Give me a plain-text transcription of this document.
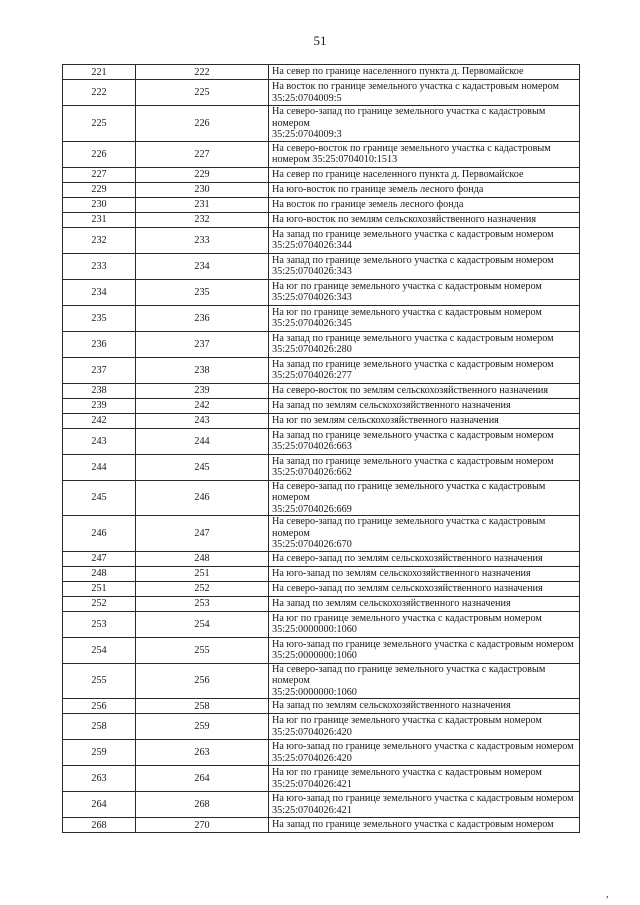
51
221	222	На север по границе населенного пункта д. Первомайское

222	225	На восток по границе земельного участка с кадастровым номером
35:25:0704009:5

225	226	На северо-запад по границе земельного участка с кадастровым номером
35:25:0704009:3

226	227	На северо-восток по границе земельного участка с кадастровым
номером 35:25:0704010:1513

227	229	На север по границе населенного пункта д. Первомайское

229	230	На юго-восток по границе земель лесного фонда

230	231	На восток по границе земель лесного фонда

231	232	На юго-восток по землям сельскохозяйственного назначения

232	233	На запад по границе земельного участка с кадастровым номером
35:25:0704026:344

233	234	На запад по границе земельного участка с кадастровым номером
35:25:0704026:343

234	235	На юг по границе земельного участка с кадастровым номером
35:25:0704026:343

235	236	На юг по границе земельного участка с кадастровым номером
35:25:0704026:345

236	237	На запад по границе земельного участка с кадастровым номером
35:25:0704026:280

237	238	На запад по границе земельного участка с кадастровым номером
35:25:0704026:277

238	239	На северо-восток по землям сельскохозяйственного назначения

239	242	На запад по землям сельскохозяйственного назначения

242	243	На юг по землям сельскохозяйственного назначения

243	244	На запад по границе земельного участка с кадастровым номером
35:25:0704026:663

244	245	На запад по границе земельного участка с кадастровым номером
35:25:0704026:662

245	246	На северо-запад по границе земельного участка с кадастровым номером
35:25:0704026:669

246	247	На северо-запад по границе земельного участка с кадастровым номером
35:25:0704026:670

247	248	На северо-запад по землям сельскохозяйственного назначения

248	251	На юго-запад по землям сельскохозяйственного назначения

251	252	На северо-запад по землям сельскохозяйственного назначения

252	253	На запад по землям сельскохозяйственного назначения

253	254	На юг по границе земельного участка с кадастровым номером
35:25:0000000:1060

254	255	На юго-запад по границе земельного участка с кадастровым номером
35:25:0000000:1060

255	256	На северо-запад по границе земельного участка с кадастровым номером
35:25:0000000:1060

256	258	На запад по землям сельскохозяйственного назначения

258	259	На юг по границе земельного участка с кадастровым номером
35:25:0704026:420

259	263	На юго-запад по границе земельного участка с кадастровым номером
35:25:0704026:420

263	264	На юг по границе земельного участка с кадастровым номером
35:25:0704026:421

264	268	На юго-запад по границе земельного участка с кадастровым номером
35:25:0704026:421

268	270	На запад по границе земельного участка с кадастровым номером
,
